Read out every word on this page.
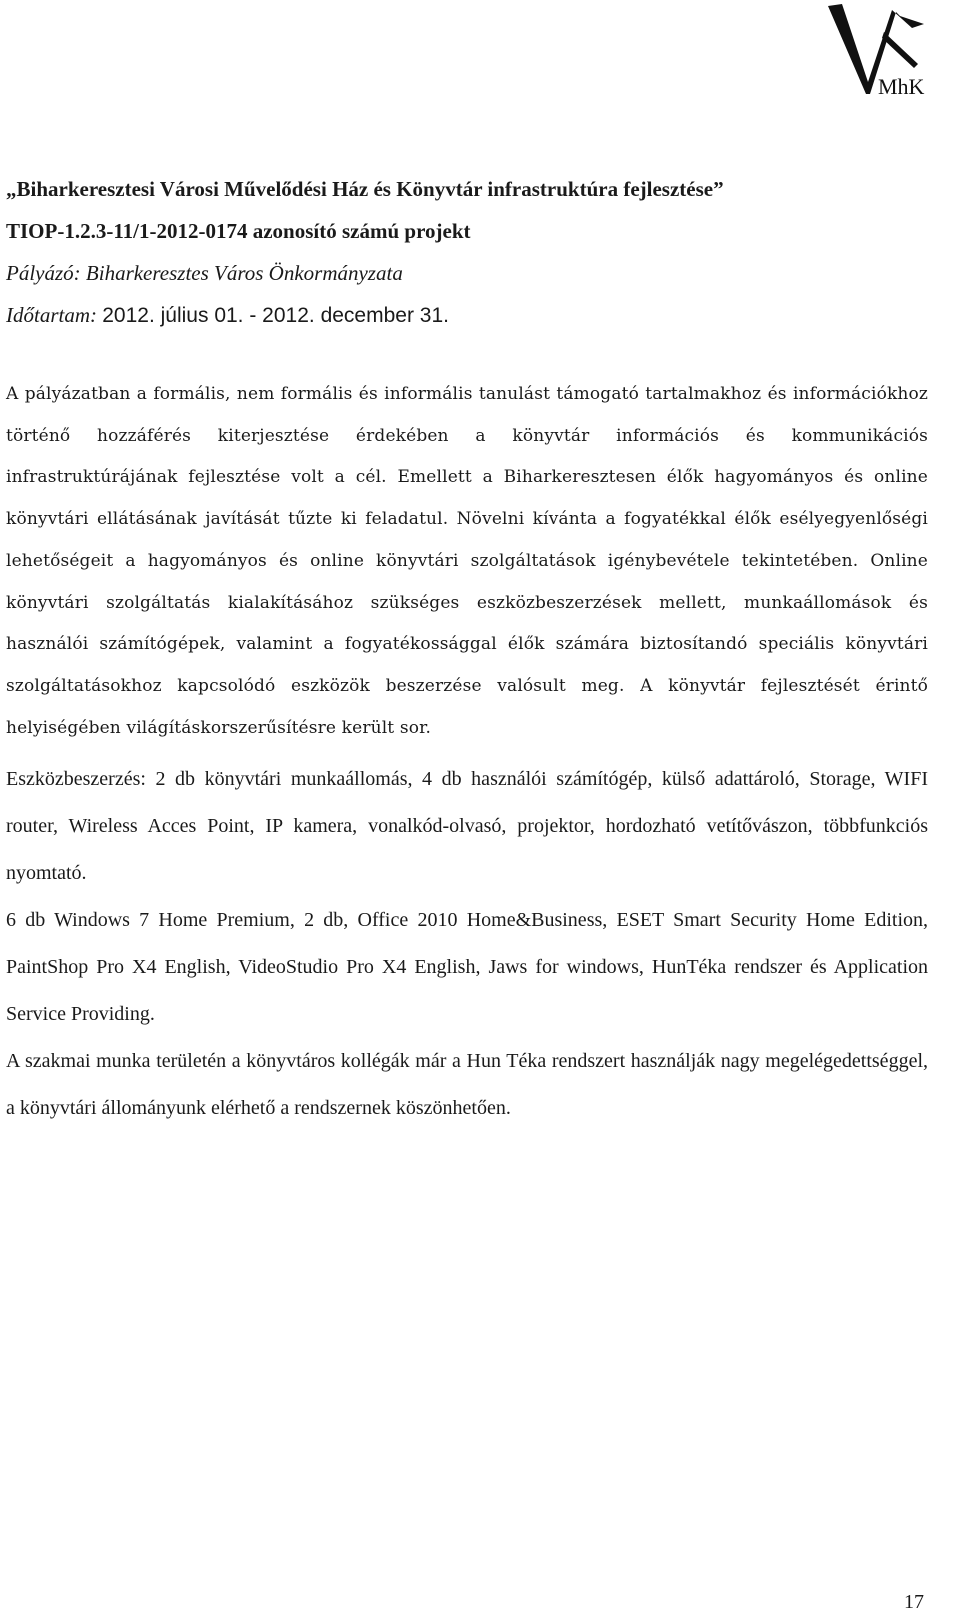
MhK
„Biharkeresztesi Városi Művelődési Ház és Könyvtár infrastruktúra fejlesztése”
TIOP-1.2.3-11/1-2012-0174 azonosító számú projekt
Pályázó: Biharkeresztes Város Önkormányzata
Időtartam: 2012. július 01. - 2012. december 31.

A pályázatban a formális, nem formális és informális tanulást támogató tartalmakhoz és információkhoz történő hozzáférés kiterjesztése érdekében a könyvtár információs és kommunikációs infrastruktúrájának fejlesztése volt a cél. Emellett a Biharkeresztesen élők hagyományos és online könyvtári ellátásának javítását tűzte ki feladatul. Növelni kívánta a fogyatékkal élők esélyegyenlőségi lehetőségeit a hagyományos és online könyvtári szolgáltatások igénybevétele tekintetében. Online könyvtári szolgáltatás kialakításához szükséges eszközbeszerzések mellett, munkaállomások és használói számítógépek, valamint a fogyatékossággal élők számára biztosítandó speciális könyvtári szolgáltatásokhoz kapcsolódó eszközök beszerzése valósult meg. A könyvtár fejlesztését érintő helyiségében világításkorszerűsítésre került sor.

Eszközbeszerzés: 2 db könyvtári munkaállomás, 4 db használói számítógép, külső adattároló, Storage, WIFI router, Wireless Acces Point, IP kamera, vonalkód-olvasó, projektor, hordozható vetítővászon, többfunkciós nyomtató.

6 db Windows 7 Home Premium, 2 db, Office 2010 Home&Business, ESET Smart Security Home Edition, PaintShop Pro X4 English, VideoStudio Pro X4 English, Jaws for windows, HunTéka rendszer és Application Service Providing.

A szakmai munka területén a könyvtáros kollégák már a Hun Téka rendszert használják nagy megelégedettséggel, a könyvtári állományunk elérhető a rendszernek köszönhetően.

17
